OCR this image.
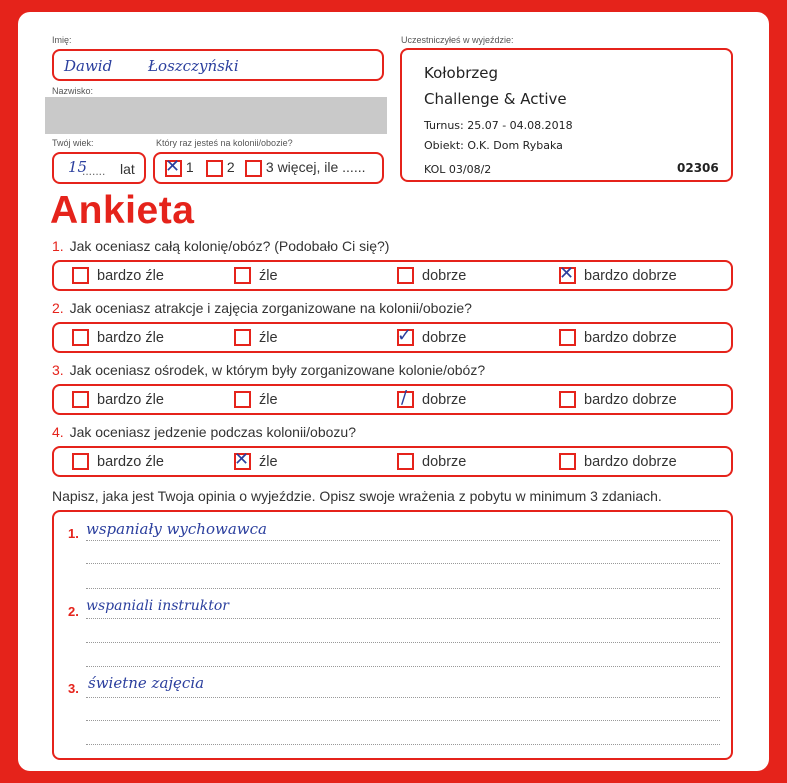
Imię:
Dawid Łoszczyński
Nazwisko:
Twój wiek:
15
....... lat
Który raz jesteś na kolonii/obozie?
✕ 1	2	3 więcej, ile ......
Uczestniczyłeś w wyjeździe:
Kołobrzeg
Challenge & Active
Turnus: 25.07 - 04.08.2018
Obiekt: O.K. Dom Rybaka
KOL 03/08/2	02306
Ankieta
1. Jak oceniasz całą kolonię/obóz? (Podobało Ci się?)
bardzo źle	źle	dobrze	✕ bardzo dobrze
2. Jak oceniasz atrakcje i zajęcia zorganizowane na kolonii/obozie?
bardzo źle	źle	✓ dobrze	bardzo dobrze
3. Jak oceniasz ośrodek, w którym były zorganizowane kolonie/obóz?
bardzo źle	źle	/ dobrze	bardzo dobrze
4. Jak oceniasz jedzenie podczas kolonii/obozu?
bardzo źle	✕ źle	dobrze	bardzo dobrze
Napisz, jaka jest Twoja opinia o wyjeździe. Opisz swoje wrażenia z pobytu w minimum 3 zdaniach.
1. wspaniały wychowawca
2. wspaniali instruktor
3. świetne zajęcia
